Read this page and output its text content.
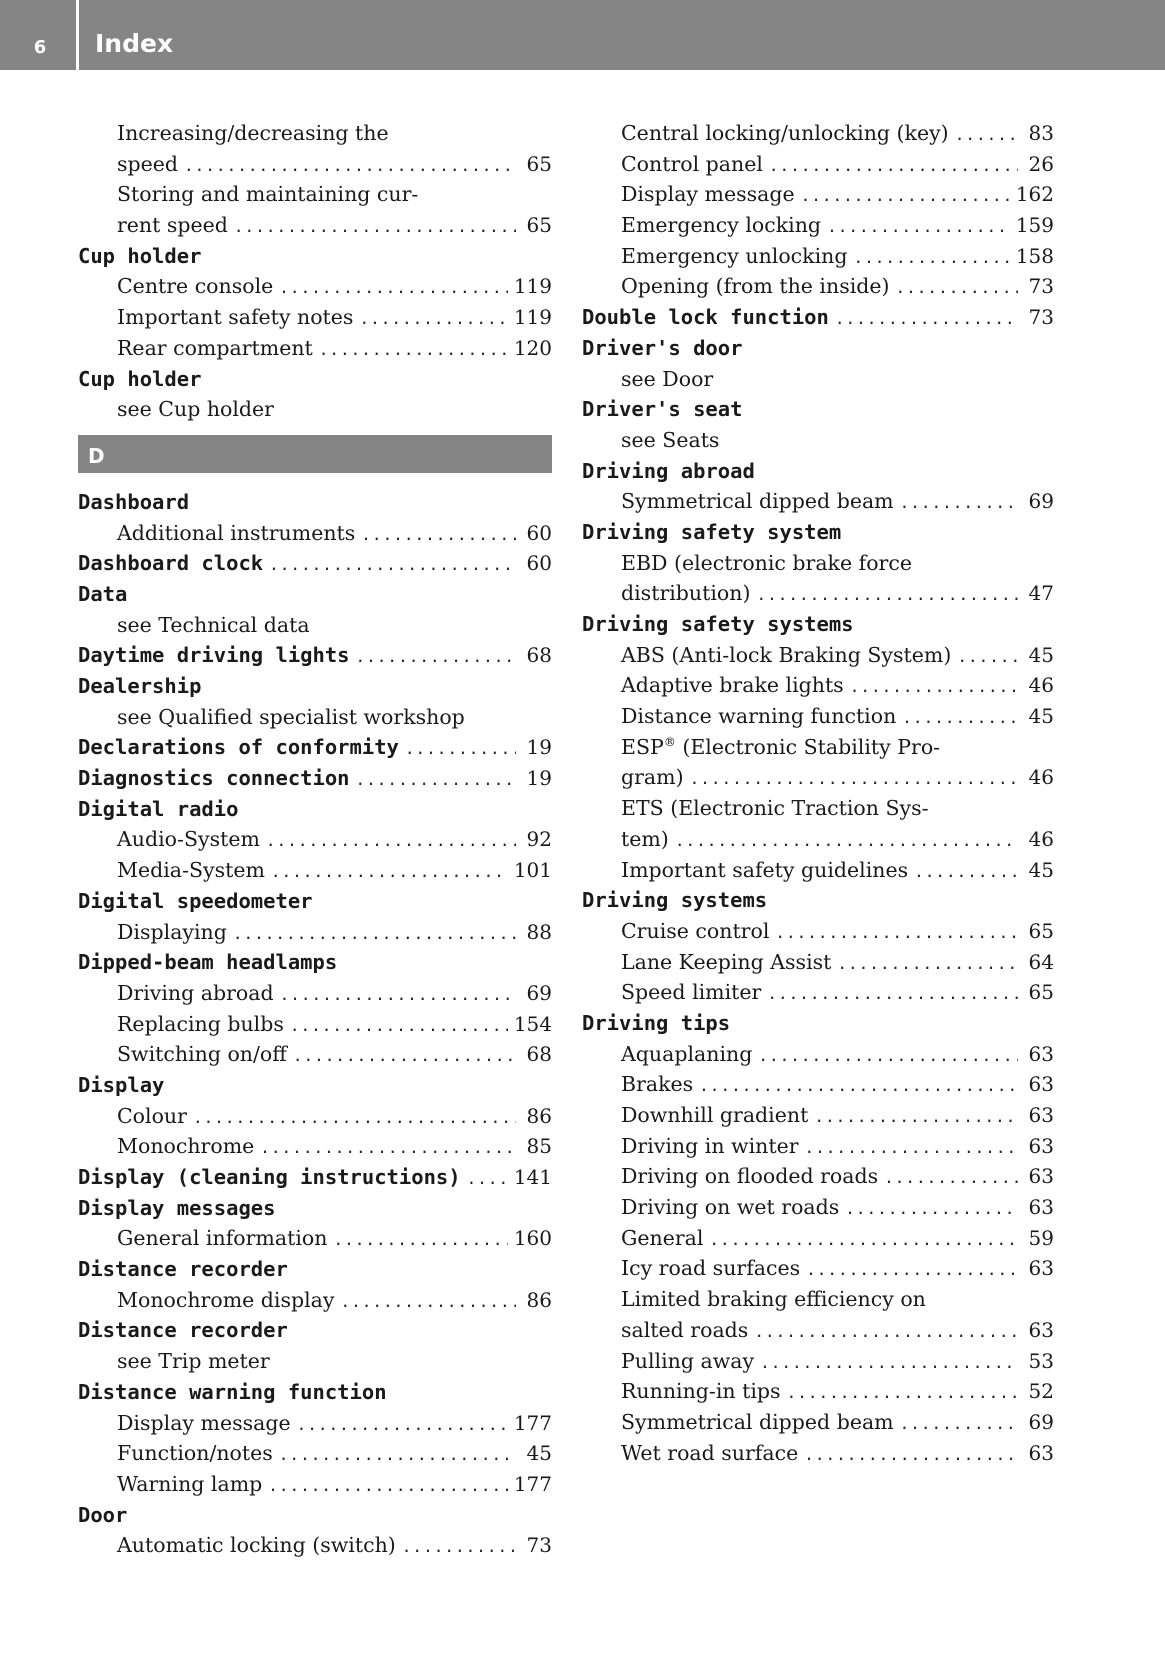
6	Index
Increasing/decreasing the
speed .....	65
Storing and maintaining cur-
rent speed .....	65
Cup holder
Centre console .....	119
Important safety notes .....	119
Rear compartment .....	120
Cup holder
see Cup holder
D
Dashboard
Additional instruments .....	60
Dashboard clock .....	60
Data
see Technical data
Daytime driving lights .....	68
Dealership
see Qualified specialist workshop
Declarations of conformity .....	19
Diagnostics connection .....	19
Digital radio
Audio-System .....	92
Media-System .....	101
Digital speedometer
Displaying .....	88
Dipped-beam headlamps
Driving abroad .....	69
Replacing bulbs .....	154
Switching on/off .....	68
Display
Colour .....	86
Monochrome .....	85
Display (cleaning instructions) .....	141
Display messages
General information .....	160
Distance recorder
Monochrome display .....	86
Distance recorder
see Trip meter
Distance warning function
Display message .....	177
Function/notes .....	45
Warning lamp .....	177
Door
Automatic locking (switch) .....	73
Central locking/unlocking (key) .....	83
Control panel .....	26
Display message .....	162
Emergency locking .....	159
Emergency unlocking .....	158
Opening (from the inside) .....	73
Double lock function .....	73
Driver's door
see Door
Driver's seat
see Seats
Driving abroad
Symmetrical dipped beam .....	69
Driving safety system
EBD (electronic brake force
distribution) .....	47
Driving safety systems
ABS (Anti-lock Braking System) .....	45
Adaptive brake lights .....	46
Distance warning function .....	45
ESP® (Electronic Stability Pro-
gram) .....	46
ETS (Electronic Traction Sys-
tem) .....	46
Important safety guidelines .....	45
Driving systems
Cruise control .....	65
Lane Keeping Assist .....	64
Speed limiter .....	65
Driving tips
Aquaplaning .....	63
Brakes .....	63
Downhill gradient .....	63
Driving in winter .....	63
Driving on flooded roads .....	63
Driving on wet roads .....	63
General .....	59
Icy road surfaces .....	63
Limited braking efficiency on
salted roads .....	63
Pulling away .....	53
Running-in tips .....	52
Symmetrical dipped beam .....	69
Wet road surface .....	63
